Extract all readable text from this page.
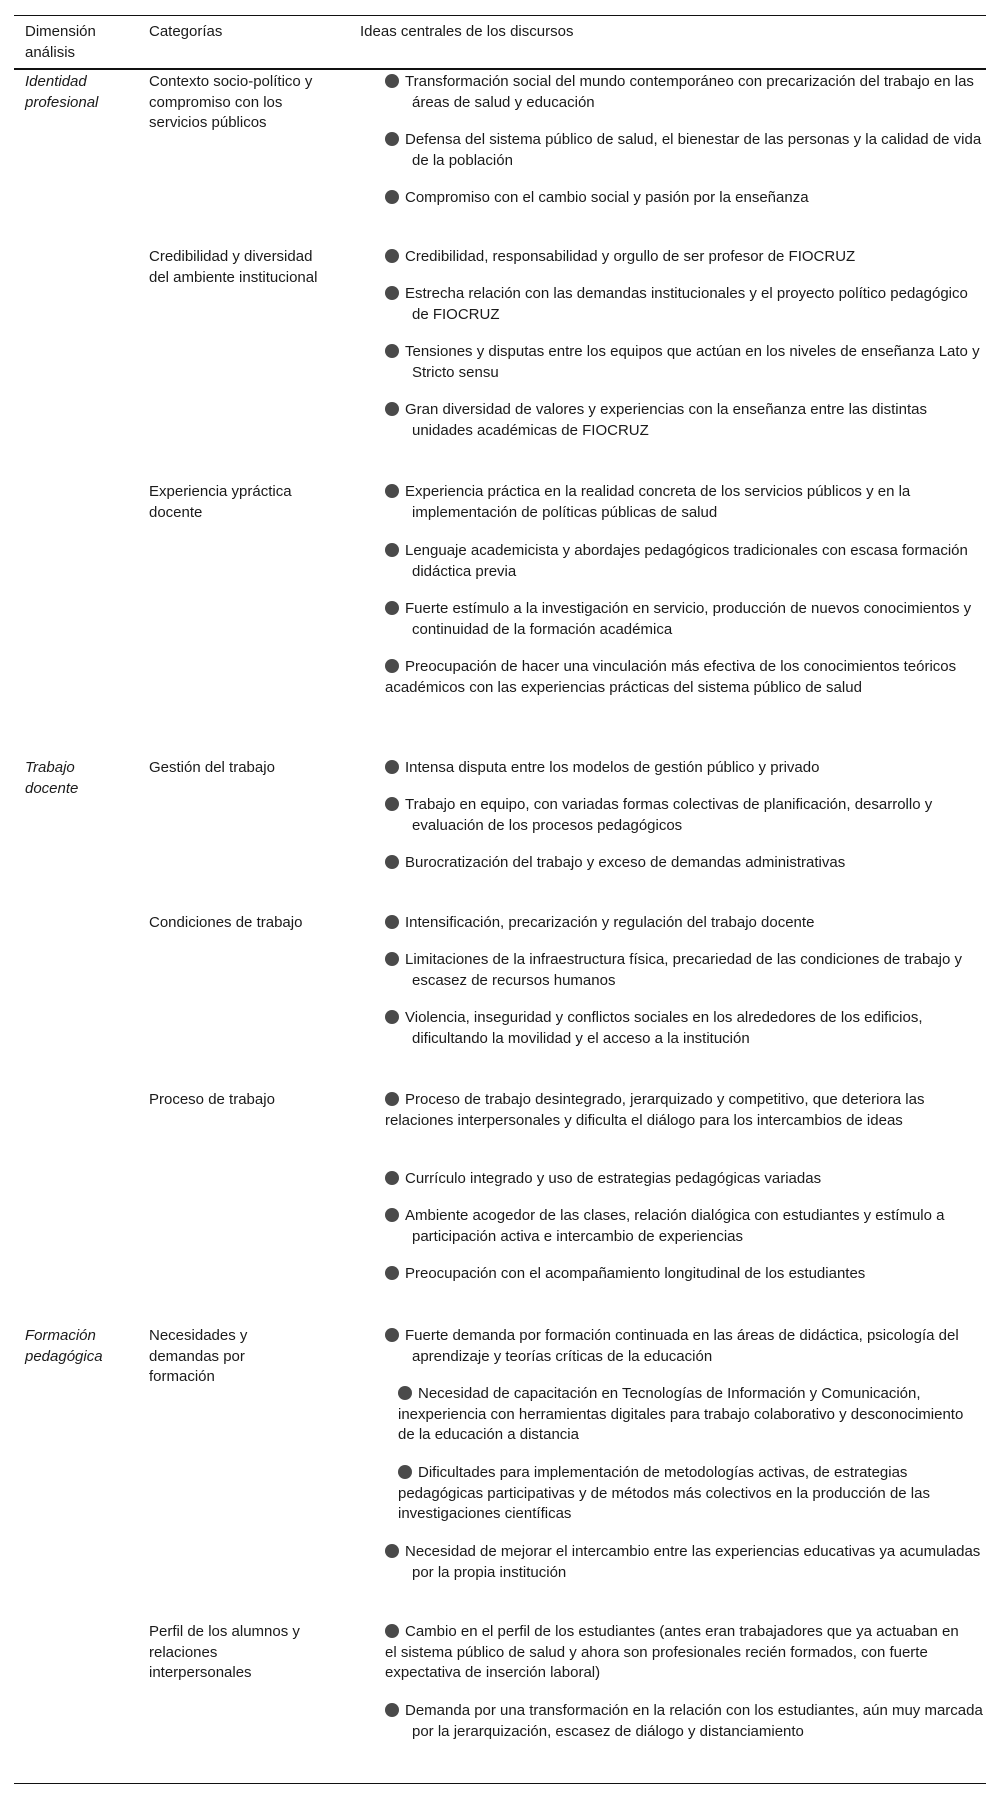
Dimensión análisis
Categorías	Ideas centrales de los discursos
Identidad profesional
Trabajo docente
Formación pedagógica
Contexto socio-político y compromiso con los servicios públicos
Credibilidad y diversidad del ambiente institucional
Experiencia ypráctica docente
Gestión del trabajo
Condiciones de trabajo
Proceso de trabajo
Necesidades y demandas por formación
Perfil de los alumnos y relaciones interpersonales
Transformación social del mundo contemporáneo con precarización del trabajo en las áreas de salud y educación
Defensa del sistema público de salud, el bienestar de las personas y la calidad de vida de la población
Compromiso con el cambio social y pasión por la enseñanza
Credibilidad, responsabilidad y orgullo de ser profesor de FIOCRUZ
Estrecha relación con las demandas institucionales y el proyecto político pedagógico de FIOCRUZ
Tensiones y disputas entre los equipos que actúan en los niveles de enseñanza Lato y Stricto sensu
Gran diversidad de valores y experiencias con la enseñanza entre las distintas unidades académicas de FIOCRUZ
Experiencia práctica en la realidad concreta de los servicios públicos y en la implementación de políticas públicas de salud
Lenguaje academicista y abordajes pedagógicos tradicionales con escasa formación didáctica previa
Fuerte estímulo a la investigación en servicio, producción de nuevos conocimientos y continuidad de la formación académica
Preocupación de hacer una vinculación más efectiva de los conocimientos teóricos académicos con las experiencias prácticas del sistema público de salud
Intensa disputa entre los modelos de gestión público y privado
Trabajo en equipo, con variadas formas colectivas de planificación, desarrollo y evaluación de los procesos pedagógicos
Burocratización del trabajo y exceso de demandas administrativas
Intensificación, precarización y regulación del trabajo docente
Limitaciones de la infraestructura física, precariedad de las condiciones de trabajo y escasez de recursos humanos
Violencia, inseguridad y conflictos sociales en los alrededores de los edificios, dificultando la movilidad y el acceso a la institución
Proceso de trabajo desintegrado, jerarquizado y competitivo, que deteriora las relaciones interpersonales y dificulta el diálogo para los intercambios de ideas
Currículo integrado y uso de estrategias pedagógicas variadas
Ambiente acogedor de las clases, relación dialógica con estudiantes y estímulo a participación activa e intercambio de experiencias
Preocupación con el acompañamiento longitudinal de los estudiantes
Fuerte demanda por formación continuada en las áreas de didáctica, psicología del aprendizaje y teorías críticas de la educación
Necesidad de capacitación en Tecnologías de Información y Comunicación, inexperiencia con herramientas digitales para trabajo colaborativo y desconocimiento de la educación a distancia
Dificultades para implementación de metodologías activas, de estrategias pedagógicas participativas y de métodos más colectivos en la producción de las investigaciones científicas
Necesidad de mejorar el intercambio entre las experiencias educativas ya acumuladas por la propia institución
Cambio en el perfil de los estudiantes (antes eran trabajadores que ya actuaban en el sistema público de salud y ahora son profesionales recién formados, con fuerte expectativa de inserción laboral)
Demanda por una transformación en la relación con los estudiantes, aún muy marcada por la jerarquización, escasez de diálogo y distanciamiento
